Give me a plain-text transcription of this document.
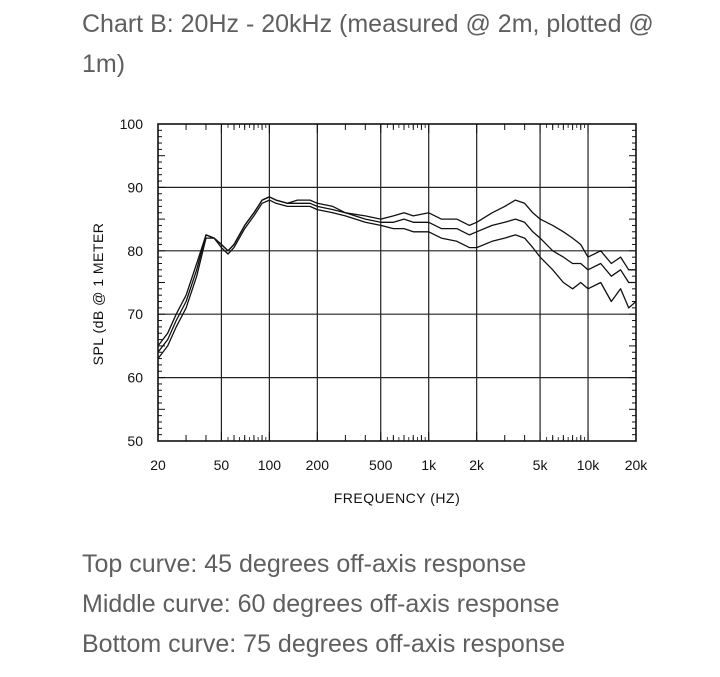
Chart B: 20Hz - 20kHz (measured @ 2m, plotted @ 1m)
20	50 100 200	500 1k 2k	5k 10k 20k
50
60
70
80
90
100
FREQUENCY (HZ)
SPL (dB @ 1 METER
Top curve: 45 degrees off-axis response
Middle curve: 60 degrees off-axis response
Bottom curve: 75 degrees off-axis response
